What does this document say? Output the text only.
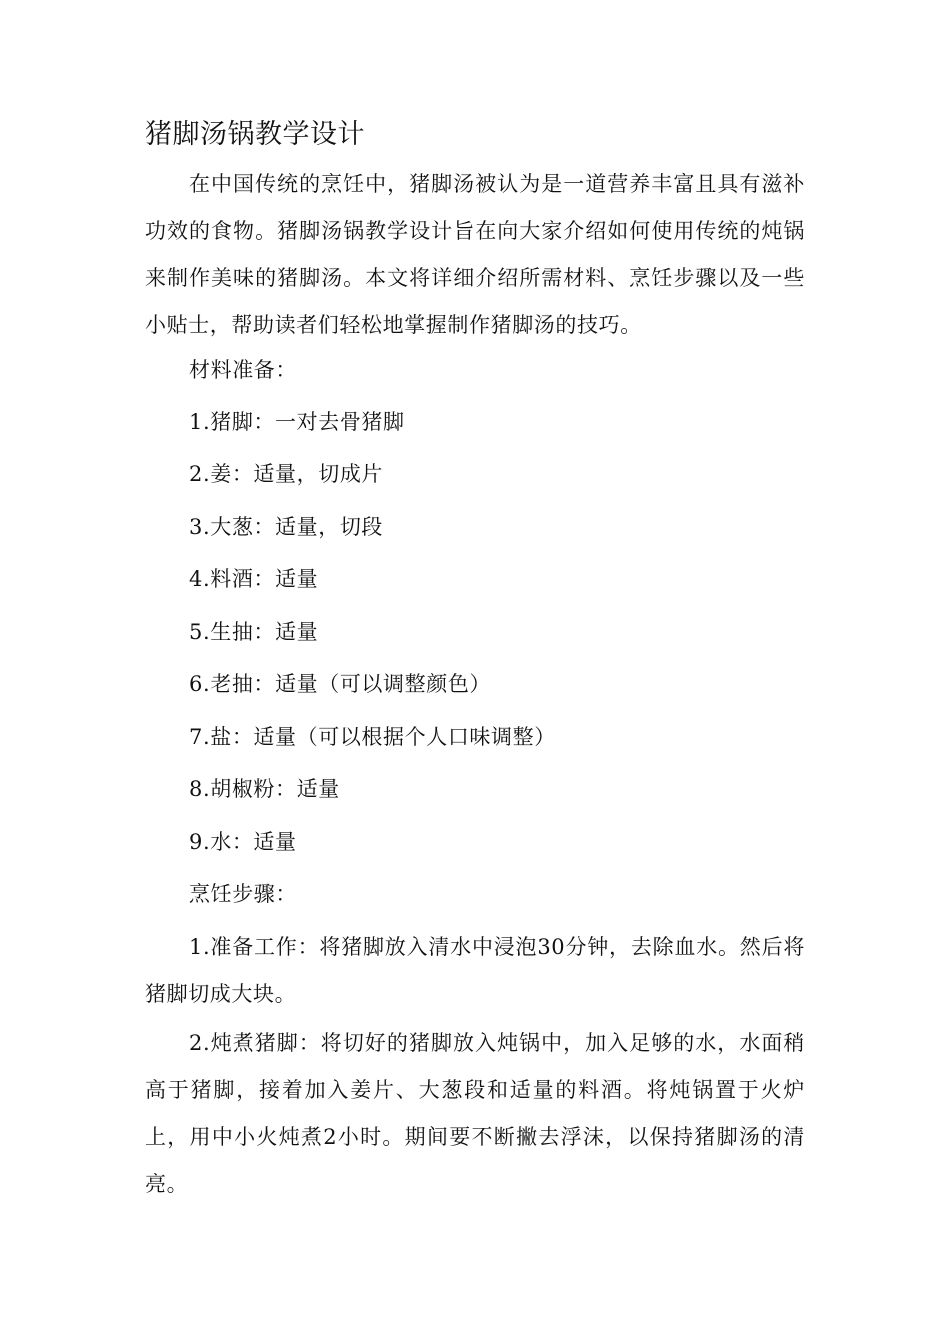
猪脚汤锅教学设计

在中国传统的烹饪中，猪脚汤被认为是一道营养丰富且具有滋补功效的食物。猪脚汤锅教学设计旨在向大家介绍如何使用传统的炖锅来制作美味的猪脚汤。本文将详细介绍所需材料、烹饪步骤以及一些小贴士，帮助读者们轻松地掌握制作猪脚汤的技巧。

材料准备：

1.猪脚：一对去骨猪脚

2.姜：适量，切成片

3.大葱：适量，切段

4.料酒：适量

5.生抽：适量

6.老抽：适量（可以调整颜色）

7.盐：适量（可以根据个人口味调整）

8.胡椒粉：适量

9.水：适量

烹饪步骤：

1.准备工作：将猪脚放入清水中浸泡30分钟，去除血水。然后将猪脚切成大块。

2.炖煮猪脚：将切好的猪脚放入炖锅中，加入足够的水，水面稍高于猪脚，接着加入姜片、大葱段和适量的料酒。将炖锅置于火炉上，用中小火炖煮2小时。期间要不断撇去浮沫，以保持猪脚汤的清亮。
